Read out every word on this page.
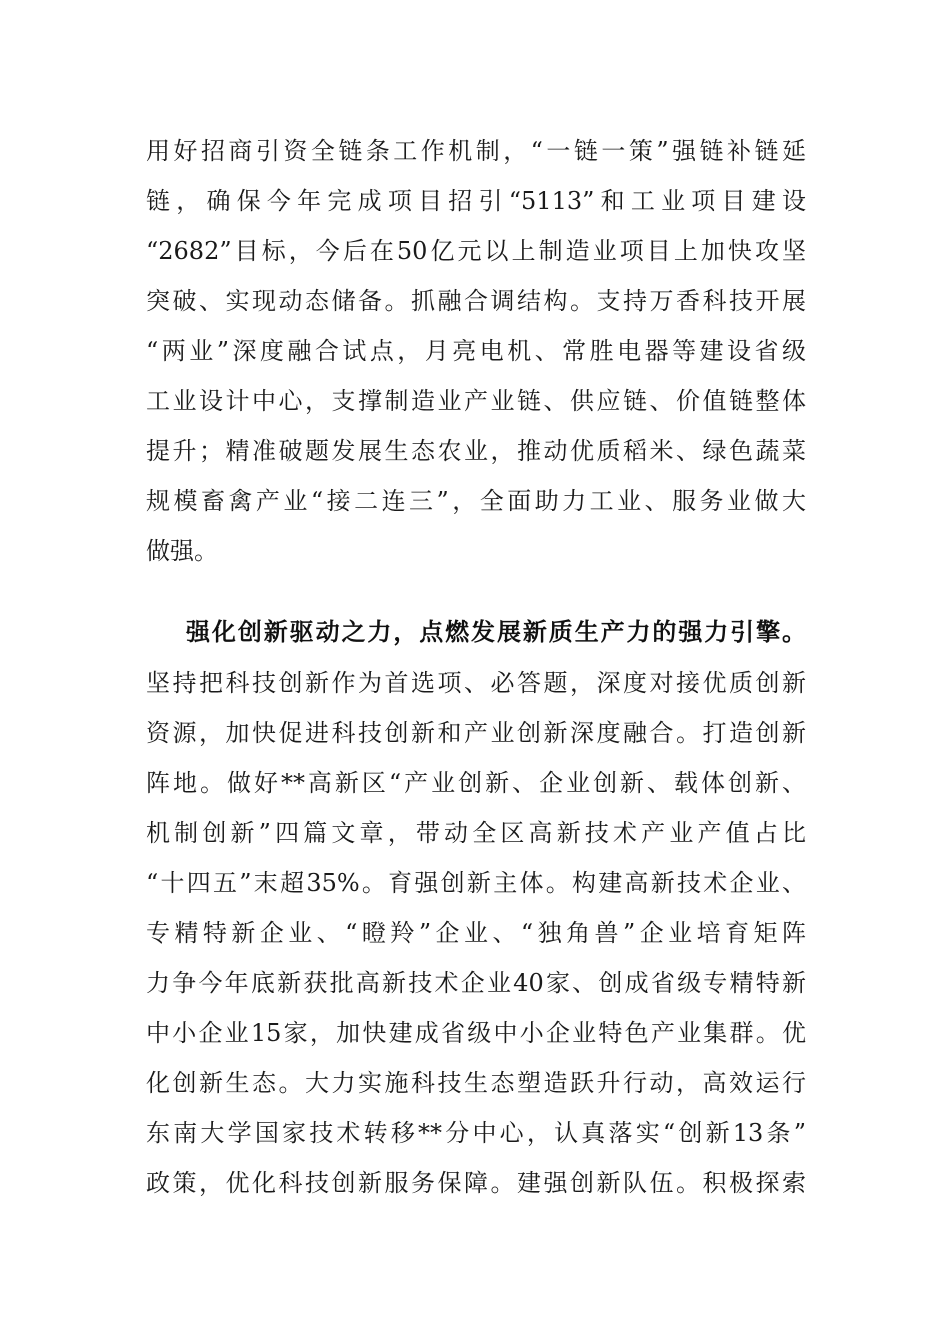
用好招商引资全链条工作机制，“一链一策”强链补链延
链，确保今年完成项目招引“5113”和工业项目建设
“2682”目标，今后在50亿元以上制造业项目上加快攻坚
突破、实现动态储备。抓融合调结构。支持万香科技开展
“两业”深度融合试点，月亮电机、常胜电器等建设省级
工业设计中心，支撑制造业产业链、供应链、价值链整体
提升；精准破题发展生态农业，推动优质稻米、绿色蔬菜
规模畜禽产业“接二连三”，全面助力工业、服务业做大
做强。
强化创新驱动之力，点燃发展新质生产力的强力引擎。
坚持把科技创新作为首选项、必答题，深度对接优质创新
资源，加快促进科技创新和产业创新深度融合。打造创新
阵地。做好**高新区“产业创新、企业创新、载体创新、
机制创新”四篇文章，带动全区高新技术产业产值占比
“十四五”末超35%。育强创新主体。构建高新技术企业、
专精特新企业、“瞪羚”企业、“独角兽”企业培育矩阵
力争今年底新获批高新技术企业40家、创成省级专精特新
中小企业15家，加快建成省级中小企业特色产业集群。优
化创新生态。大力实施科技生态塑造跃升行动，高效运行
东南大学国家技术转移**分中心，认真落实“创新13条”
政策，优化科技创新服务保障。建强创新队伍。积极探索
